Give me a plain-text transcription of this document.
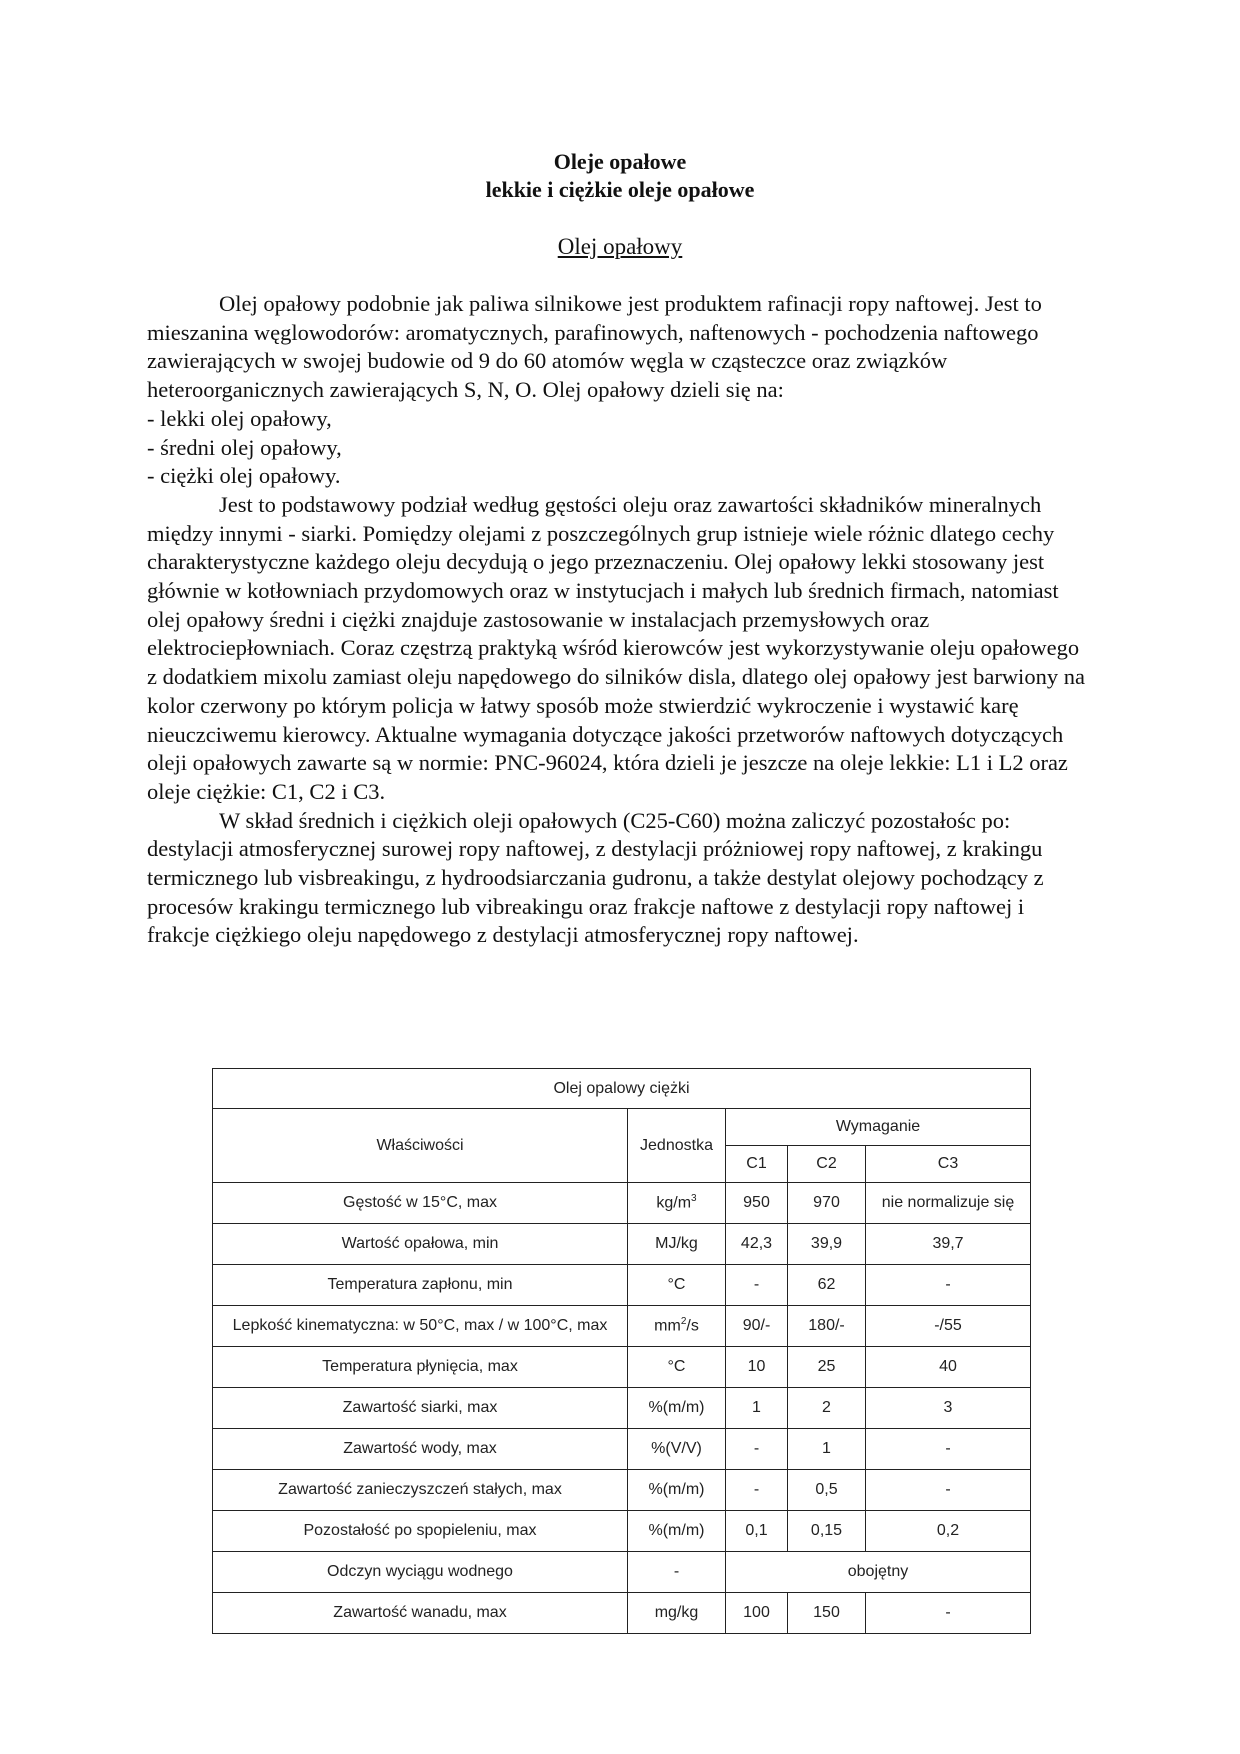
Oleje opałowe
lekkie i ciężkie oleje opałowe
Olej opałowy

Olej opałowy podobnie jak paliwa silnikowe jest produktem rafinacji ropy naftowej. Jest to mieszanina węglowodorów: aromatycznych, parafinowych, naftenowych - pochodzenia naftowego zawierających w swojej budowie od 9 do 60 atomów węgla w cząsteczce oraz związków heteroorganicznych zawierających S, N, O. Olej opałowy dzieli się na:

- lekki olej opałowy,

- średni olej opałowy,

- ciężki olej opałowy.

Jest to podstawowy podział według gęstości oleju oraz zawartości składników mineralnych między innymi - siarki. Pomiędzy olejami z poszczególnych grup istnieje wiele różnic dlatego cechy charakterystyczne każdego oleju decydują o jego przeznaczeniu. Olej opałowy lekki stosowany jest głównie w kotłowniach przydomowych oraz w instytucjach i małych lub średnich firmach, natomiast olej opałowy średni i ciężki znajduje zastosowanie w instalacjach przemysłowych oraz elektrociepłowniach. Coraz częstrzą praktyką wśród kierowców jest wykorzystywanie oleju opałowego z dodatkiem mixolu zamiast oleju napędowego do silników disla, dlatego olej opałowy jest barwiony na kolor czerwony po którym policja w łatwy sposób może stwierdzić wykroczenie i wystawić karę nieuczciwemu kierowcy. Aktualne wymagania dotyczące jakości przetworów naftowych dotyczących oleji opałowych zawarte są w normie: PNC-96024, która dzieli je jeszcze na oleje lekkie: L1 i L2 oraz oleje ciężkie: C1, C2 i C3.

W skład średnich i ciężkich oleji opałowych (C25-C60) można zaliczyć pozostałośc po: destylacji atmosferycznej surowej ropy naftowej, z destylacji próżniowej ropy naftowej, z krakingu termicznego lub visbreakingu, z hydroodsiarczania gudronu, a także destylat olejowy pochodzący z procesów krakingu termicznego lub vibreakingu oraz frakcje naftowe z destylacji ropy naftowej i frakcje ciężkiego oleju napędowego z destylacji atmosferycznej ropy naftowej.

Olej opalowy ciężki				
Właściwości	Jednostka	Wymaganie		
		C1	C2	C3
Gęstość w 15°C, max	$kg/m^3$	950	970	nie normalizuje się
Wartość opałowa, min	MJ/kg	42,3	39,9	39,7
Temperatura zapłonu, min	°C	-	62	-
Lepkość kinematyczna: w 50°C, max / w 100°C, max	$mm^2/s$	90/-	180/-	-/55
Temperatura płynięcia, max	°C	10	25	40
Zawartość siarki, max	%(m/m)	1	2	3
Zawartość wody, max	%(V/V)	-	1	-
Zawartość zanieczyszczeń stałych, max	%(m/m)	-	0,5	-
Pozostałość po spopieleniu, max	%(m/m)	0,1	0,15	0,2
Odczyn wyciągu wodnego	-	obojętny		
Zawartość wanadu, max	mg/kg	100	150	-
